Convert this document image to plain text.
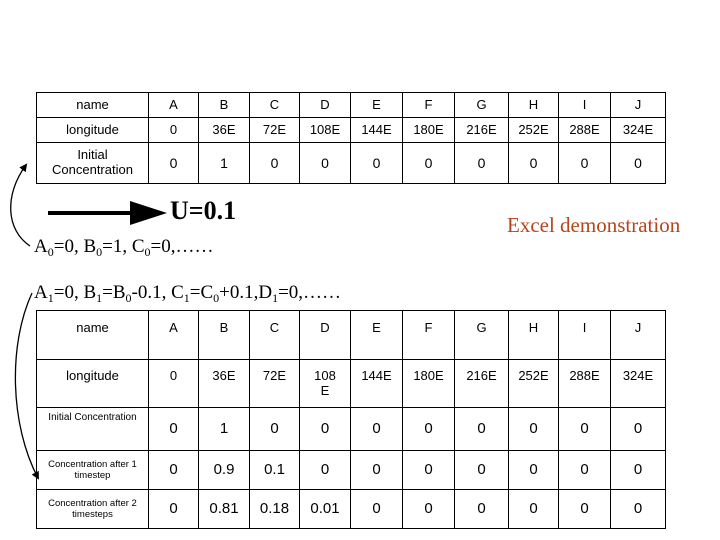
name	A	B	C	D	E	F	G	H	I	J
longitude	0	36E	72E	108E	144E	180E	216E	252E	288E	324E
Initial
Concentration	0	1	0	0	0	0	0	0	0	0
U=0.1	Excel demonstration
$A_0=0$, $B_0=1$, $C_0=0,\dots\dots$
$A_1=0$, $B_1=B_0-0.1$, $C_1=C_0+0.1,D_1=0,\dots\dots$
name	A	B	C	D	E	F	G	H	I	J
longitude	0	36E	72E	108 E	144E	180E	216E	252E	288E	324E
Initial Concentration	0	1	0	0	0	0	0	0	0	0
Concentration after 1
timestep	0	0.9	0.1	0	0	0	0	0	0	0
Concentration after 2
timesteps	0	0.81	0.18	0.01	0	0	0	0	0	0
